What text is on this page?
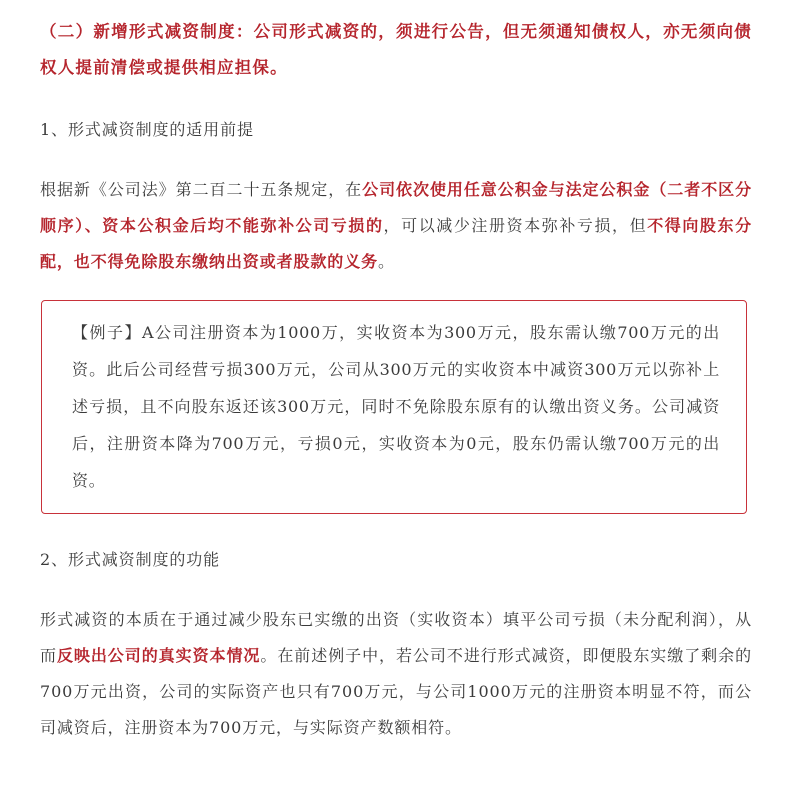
（二）新增形式减资制度：公司形式减资的，须进行公告，但无须通知债权人，亦无须向债权人提前清偿或提供相应担保。

1、形式减资制度的适用前提

根据新《公司法》第二百二十五条规定，在公司依次使用任意公积金与法定公积金（二者不区分顺序）、资本公积金后均不能弥补公司亏损的，可以减少注册资本弥补亏损，但不得向股东分配，也不得免除股东缴纳出资或者股款的义务。

【例子】A公司注册资本为1000万，实收资本为300万元，股东需认缴700万元的出资。此后公司经营亏损300万元，公司从300万元的实收资本中减资300万元以弥补上述亏损，且不向股东返还该300万元，同时不免除股东原有的认缴出资义务。公司减资后，注册资本降为700万元，亏损0元，实收资本为0元，股东仍需认缴700万元的出资。

2、形式减资制度的功能

形式减资的本质在于通过减少股东已实缴的出资（实收资本）填平公司亏损（未分配利润），从而反映出公司的真实资本情况。在前述例子中，若公司不进行形式减资，即便股东实缴了剩余的700万元出资，公司的实际资产也只有700万元，与公司1000万元的注册资本明显不符，而公司减资后，注册资本为700万元，与实际资产数额相符。
